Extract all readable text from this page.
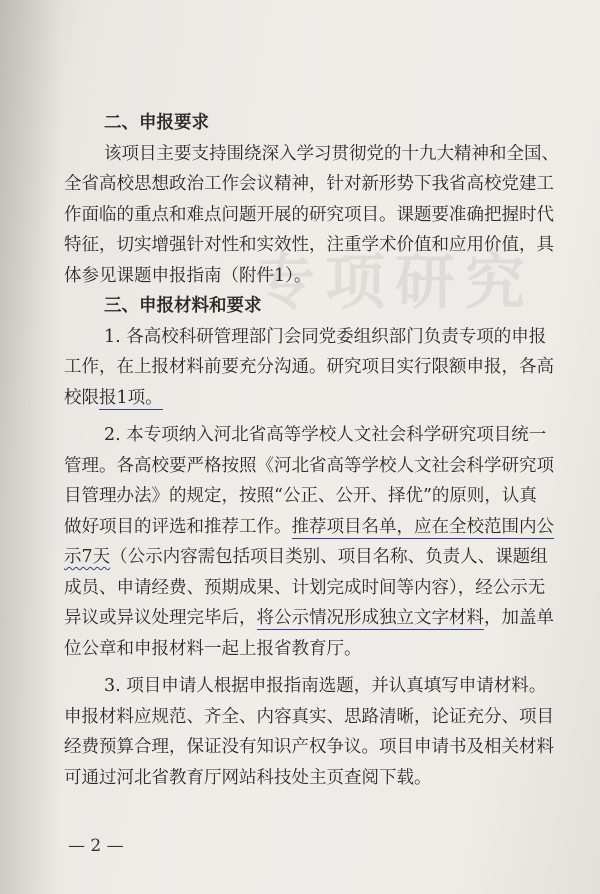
专项研究
二、申报要求
该项目主要支持围绕深入学习贯彻党的十九大精神和全国、
全省高校思想政治工作会议精神，针对新形势下我省高校党建工
作面临的重点和难点问题开展的研究项目。课题要准确把握时代
特征，切实增强针对性和实效性，注重学术价值和应用价值，具
体参见课题申报指南（附件1）。
三、申报材料和要求
1. 各高校科研管理部门会同党委组织部门负责专项的申报
工作，在上报材料前要充分沟通。研究项目实行限额申报，各高
校限报1项。
2. 本专项纳入河北省高等学校人文社会科学研究项目统一
管理。各高校要严格按照《河北省高等学校人文社会科学研究项
目管理办法》的规定，按照“公正、公开、择优”的原则，认真
做好项目的评选和推荐工作。推荐项目名单，应在全校范围内公
示7天（公示内容需包括项目类别、项目名称、负责人、课题组
成员、申请经费、预期成果、计划完成时间等内容），经公示无
异议或异议处理完毕后，将公示情况形成独立文字材料，加盖单
位公章和申报材料一起上报省教育厅。
3. 项目申请人根据申报指南选题，并认真填写申请材料。
申报材料应规范、齐全、内容真实、思路清晰，论证充分、项目
经费预算合理，保证没有知识产权争议。项目申请书及相关材料
可通过河北省教育厅网站科技处主页查阅下载。
— 2 —
